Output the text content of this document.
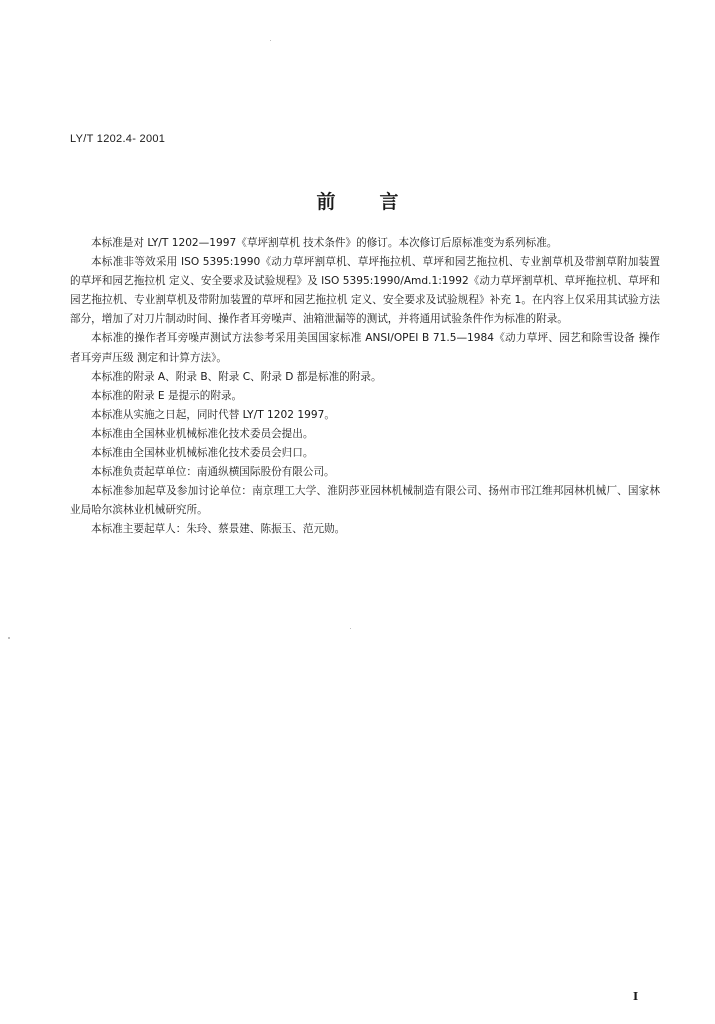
LY/T 1202.4- 2001
前言

本标准是对 LY/T 1202—1997《草坪割草机 技术条件》的修订。本次修订后原标准变为系列标准。

本标准非等效采用 ISO 5395:1990《动力草坪割草机、草坪拖拉机、草坪和园艺拖拉机、专业割草机及带割草附加装置的草坪和园艺拖拉机 定义、安全要求及试验规程》及 ISO 5395:1990/Amd.1:1992《动力草坪割草机、草坪拖拉机、草坪和园艺拖拉机、专业割草机及带附加装置的草坪和园艺拖拉机 定义、安全要求及试验规程》补充 1。在内容上仅采用其试验方法部分，增加了对刀片制动时间、操作者耳旁噪声、油箱泄漏等的测试，并将通用试验条件作为标准的附录。

本标准的操作者耳旁噪声测试方法参考采用美国国家标准 ANSI/OPEI B 71.5—1984《动力草坪、园艺和除雪设备 操作者耳旁声压级 测定和计算方法》。

本标准的附录 A、附录 B、附录 C、附录 D 都是标准的附录。

本标准的附录 E 是提示的附录。

本标准从实施之日起，同时代替 LY/T 1202 1997。

本标准由全国林业机械标准化技术委员会提出。

本标准由全国林业机械标准化技术委员会归口。

本标准负责起草单位：南通纵横国际股份有限公司。

本标准参加起草及参加讨论单位：南京理工大学、淮阴莎亚园林机械制造有限公司、扬州市邗江维邦园林机械厂、国家林业局哈尔滨林业机械研究所。

本标准主要起草人：朱玲、蔡景建、陈振玉、范元勋。

I
